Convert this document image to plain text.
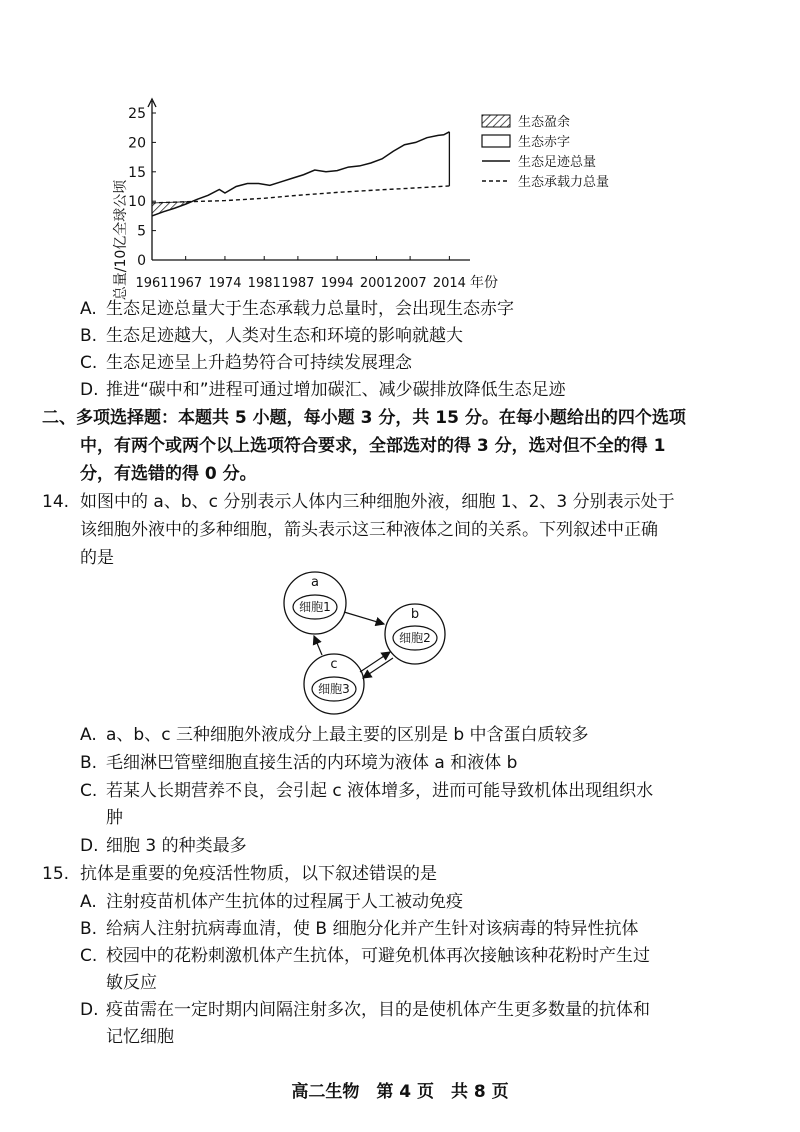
总量/10亿全球公顷 0
5
10
15
20
25
1961 1967 1974 1981 1987 1994 2001 2007 2014 年份
生态盈余
生态赤字
生态足迹总量
生态承载力总量
A. 生态足迹总量大于生态承载力总量时，会出现生态赤字
B. 生态足迹越大，人类对生态和环境的影响就越大
C. 生态足迹呈上升趋势符合可持续发展理念
D. 推进“碳中和”进程可通过增加碳汇、减少碳排放降低生态足迹
二、多项选择题：本题共 5 小题，每小题 3 分，共 15 分。在每小题给出的四个选项
中，有两个或两个以上选项符合要求，全部选对的得 3 分，选对但不全的得 1
分，有选错的得 0 分。
14. 如图中的 a、b、c 分别表示人体内三种细胞外液，细胞 1、2、3 分别表示处于
该细胞外液中的多种细胞，箭头表示这三种液体之间的关系。下列叙述中正确
的是
a
细胞1	b
细胞2
c
细胞3
A. a、b、c 三种细胞外液成分上最主要的区别是 b 中含蛋白质较多
B. 毛细淋巴管壁细胞直接生活的内环境为液体 a 和液体 b
C. 若某人长期营养不良，会引起 c 液体增多，进而可能导致机体出现组织水
肿
D. 细胞 3 的种类最多
15. 抗体是重要的免疫活性物质，以下叙述错误的是
A. 注射疫苗机体产生抗体的过程属于人工被动免疫
B. 给病人注射抗病毒血清，使 B 细胞分化并产生针对该病毒的特异性抗体
C. 校园中的花粉刺激机体产生抗体，可避免机体再次接触该种花粉时产生过
敏反应
D. 疫苗需在一定时期内间隔注射多次，目的是使机体产生更多数量的抗体和
记忆细胞
高二生物　第 4 页　共 8 页
